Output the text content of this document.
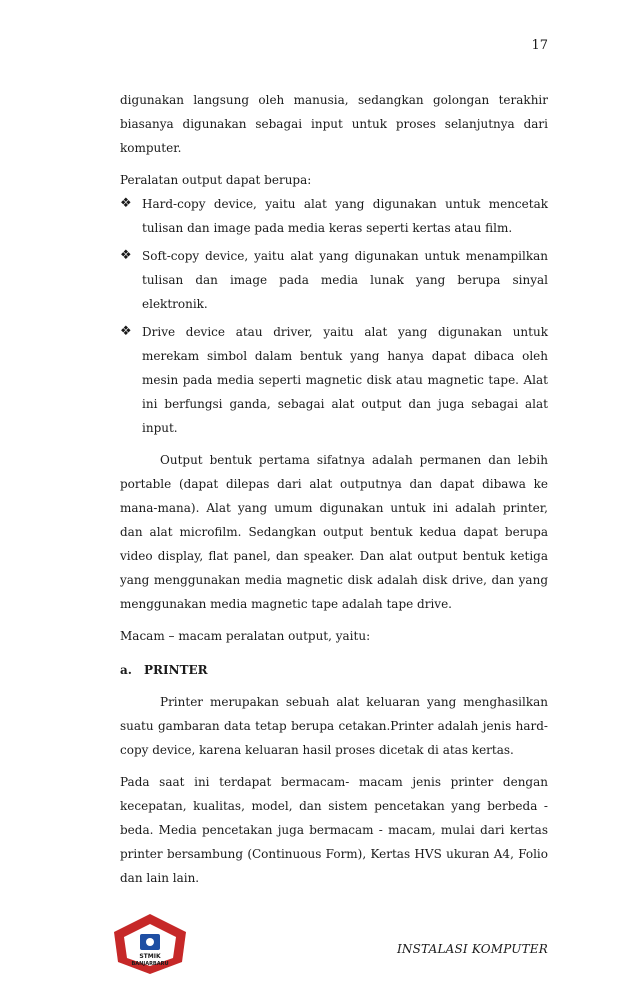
17

digunakan langsung oleh manusia, sedangkan golongan terakhir biasanya digunakan sebagai input untuk proses selanjutnya dari komputer.

Peralatan output dapat berupa:

❖ Hard-copy device, yaitu alat yang digunakan untuk mencetak tulisan dan image pada media keras seperti kertas atau film.
❖ Soft-copy device, yaitu alat yang digunakan untuk menampilkan tulisan dan image pada media lunak yang berupa sinyal elektronik.
❖ Drive device atau driver, yaitu alat yang digunakan untuk merekam simbol dalam bentuk yang hanya dapat dibaca oleh mesin pada media seperti magnetic disk atau magnetic tape. Alat ini berfungsi ganda, sebagai alat output dan juga sebagai alat input.

Output bentuk pertama sifatnya adalah permanen dan lebih portable (dapat dilepas dari alat outputnya dan dapat dibawa ke mana-mana). Alat yang umum digunakan untuk ini adalah printer, dan alat microfilm. Sedangkan output bentuk kedua dapat berupa video display, flat panel, dan speaker. Dan alat output bentuk ketiga yang menggunakan media magnetic disk adalah disk drive, dan yang menggunakan media magnetic tape adalah tape drive.

Macam – macam peralatan output, yaitu:

a. PRINTER

Printer merupakan sebuah alat keluaran yang menghasilkan suatu gambaran data tetap berupa cetakan.Printer adalah jenis hard-copy device, karena keluaran hasil proses dicetak di atas kertas.

Pada saat ini terdapat bermacam- macam jenis printer dengan kecepatan, kualitas, model, dan sistem pencetakan yang berbeda - beda. Media pencetakan juga bermacam - macam, mulai dari kertas printer bersambung (Continuous Form), Kertas HVS ukuran A4, Folio dan lain lain.

STMIK
BANJARBARU
INSTALASI KOMPUTER
